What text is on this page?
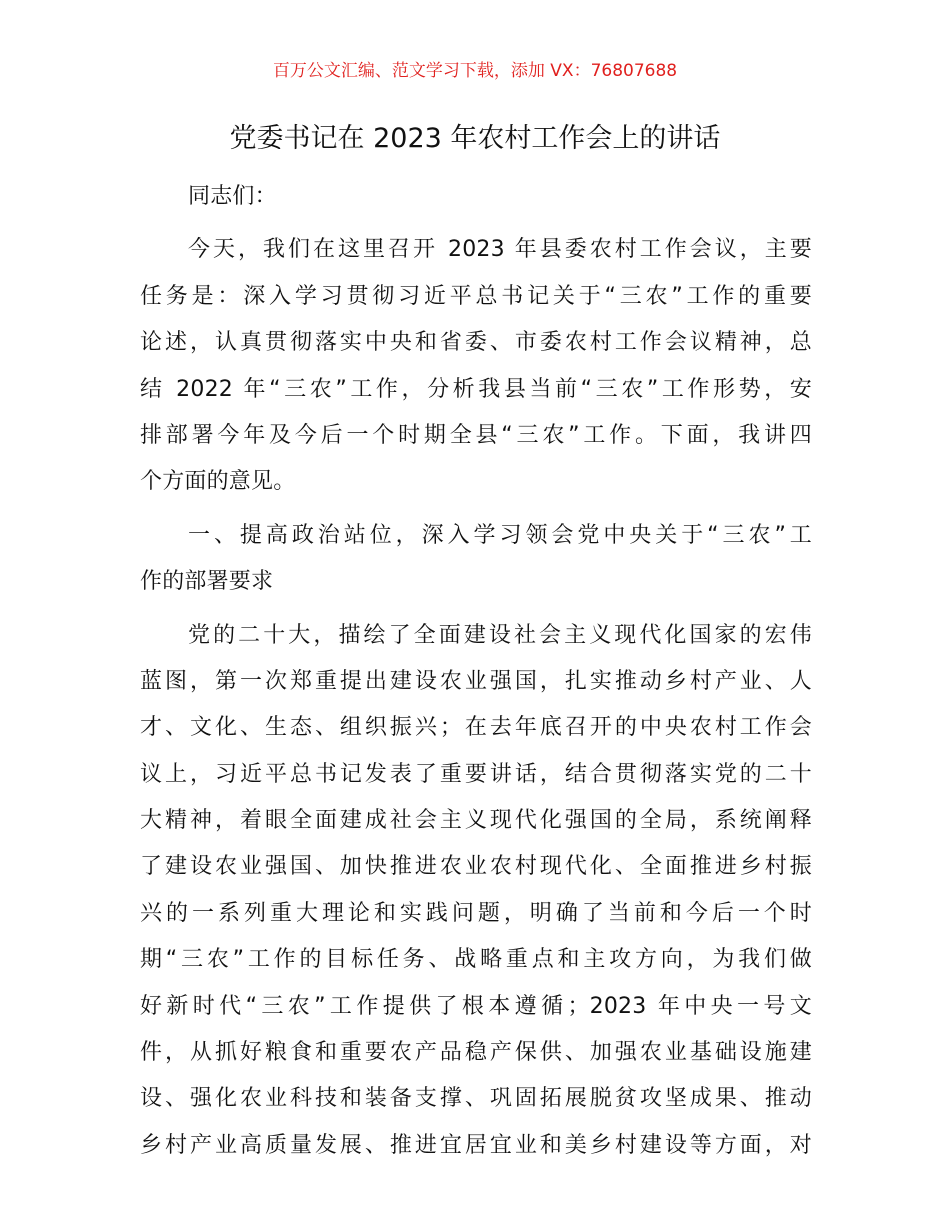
百万公文汇编、范文学习下载，添加 VX：76807688
党委书记在 2023 年农村工作会上的讲话
同志们：
今天，我们在这里召开 2023 年县委农村工作会议，主要
任务是：深入学习贯彻习近平总书记关于“三农”工作的重要
论述，认真贯彻落实中央和省委、市委农村工作会议精神，总
结 2022 年“三农”工作，分析我县当前“三农”工作形势，安
排部署今年及今后一个时期全县“三农”工作。下面，我讲四
个方面的意见。
一、提高政治站位，深入学习领会党中央关于“三农”工
作的部署要求
党的二十大，描绘了全面建设社会主义现代化国家的宏伟
蓝图，第一次郑重提出建设农业强国，扎实推动乡村产业、人
才、文化、生态、组织振兴；在去年底召开的中央农村工作会
议上，习近平总书记发表了重要讲话，结合贯彻落实党的二十
大精神，着眼全面建成社会主义现代化强国的全局，系统阐释
了建设农业强国、加快推进农业农村现代化、全面推进乡村振
兴的一系列重大理论和实践问题，明确了当前和今后一个时
期“三农”工作的目标任务、战略重点和主攻方向，为我们做
好新时代“三农”工作提供了根本遵循；2023 年中央一号文
件，从抓好粮食和重要农产品稳产保供、加强农业基础设施建
设、强化农业科技和装备支撑、巩固拓展脱贫攻坚成果、推动
乡村产业高质量发展、推进宜居宜业和美乡村建设等方面，对
